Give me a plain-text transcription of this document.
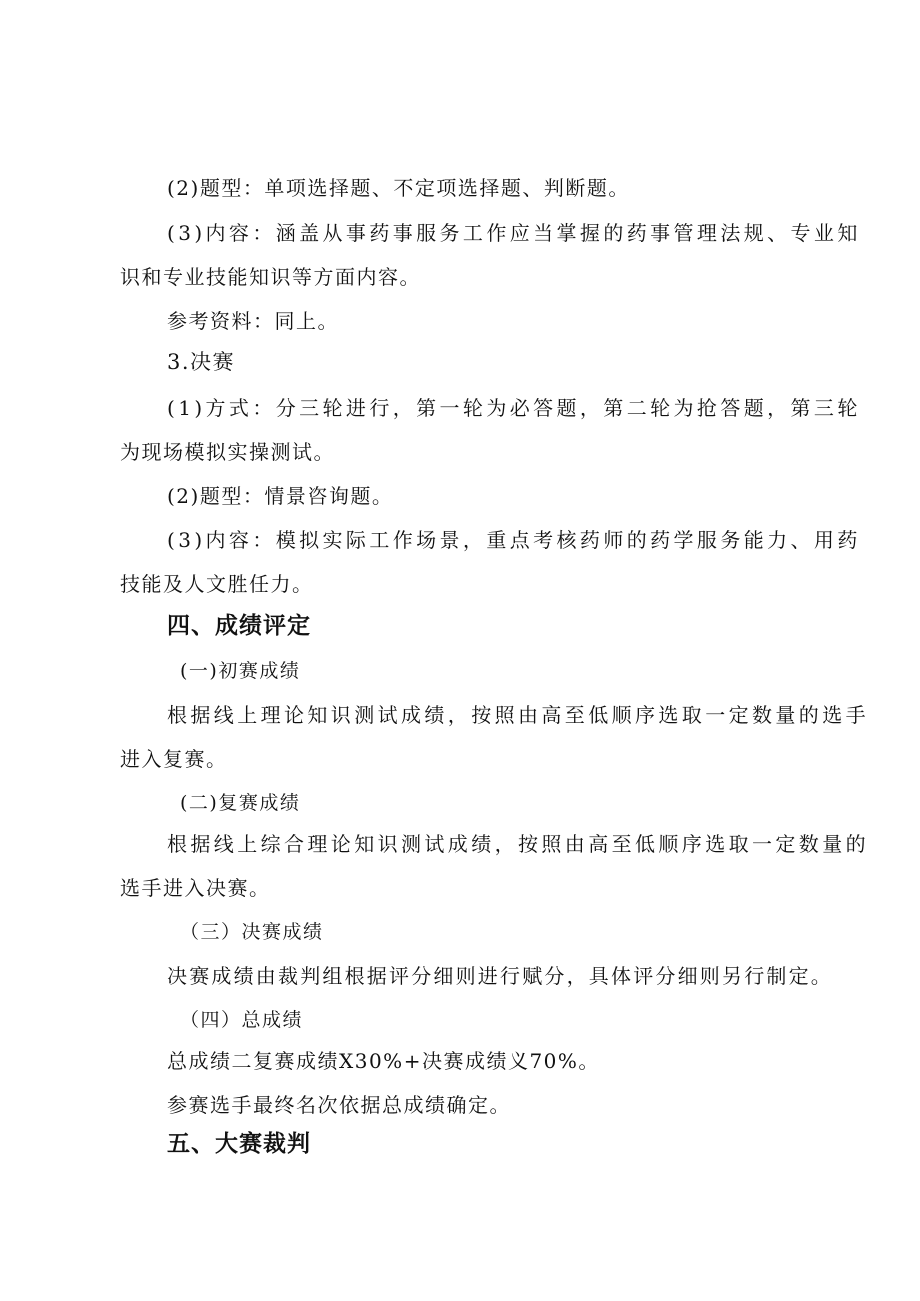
(2)题型：单项选择题、不定项选择题、判断题。

(3)内容：涵盖从事药事服务工作应当掌握的药事管理法规、专业知

识和专业技能知识等方面内容。

参考资料：同上。

3.决赛

(1)方式：分三轮进行，第一轮为必答题，第二轮为抢答题，第三轮

为现场模拟实操测试。

(2)题型：情景咨询题。

(3)内容：模拟实际工作场景，重点考核药师的药学服务能力、用药

技能及人文胜任力。

四、成绩评定

(一)初赛成绩

根据线上理论知识测试成绩，按照由高至低顺序选取一定数量的选手

进入复赛。

(二)复赛成绩

根据线上综合理论知识测试成绩，按照由高至低顺序选取一定数量的

选手进入决赛。

（三）决赛成绩

决赛成绩由裁判组根据评分细则进行赋分，具体评分细则另行制定。

（四）总成绩

总成绩二复赛成绩X30%+决赛成绩义70%。

参赛选手最终名次依据总成绩确定。

五、大赛裁判
